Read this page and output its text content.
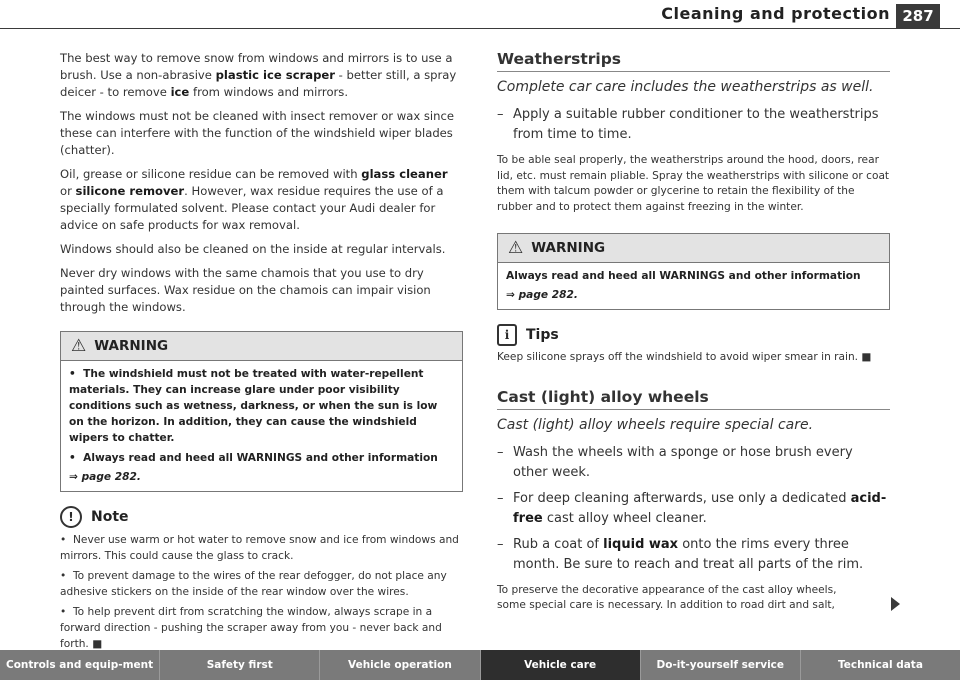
Cleaning and protection 287

The best way to remove snow from windows and mirrors is to use a brush. Use a non-abrasive plastic ice scraper - better still, a spray deicer - to remove ice from windows and mirrors.

The windows must not be cleaned with insect remover or wax since these can interfere with the function of the windshield wiper blades (chatter).

Oil, grease or silicone residue can be removed with glass cleaner or silicone remover. However, wax residue requires the use of a specially formulated solvent. Please contact your Audi dealer for advice on safe products for wax removal.

Windows should also be cleaned on the inside at regular intervals.

Never dry windows with the same chamois that you use to dry painted surfaces. Wax residue on the chamois can impair vision through the windows.

⚠ WARNING

• The windshield must not be treated with water-repellent materials. They can increase glare under poor visibility conditions such as wetness, darkness, or when the sun is low on the horizon. In addition, they can cause the windshield wipers to chatter.

• Always read and heed all WARNINGS and other information

⇒ page 282.
!	Note

• Never use warm or hot water to remove snow and ice from windows and mirrors. This could cause the glass to crack.

• To prevent damage to the wires of the rear defogger, do not place any adhesive stickers on the inside of the rear window over the wires.

• To help prevent dirt from scratching the window, always scrape in a forward direction - pushing the scraper away from you - never back and forth. ■

Weatherstrips

Complete car care includes the weatherstrips as well.

– Apply a suitable rubber conditioner to the weatherstrips from time to time.

To be able seal properly, the weatherstrips around the hood, doors, rear lid, etc. must remain pliable. Spray the weatherstrips with silicone or coat them with talcum powder or glycerine to retain the flexibility of the rubber and to protect them against freezing in the winter.

⚠ WARNING

Always read and heed all WARNINGS and other information

⇒ page 282.
i	Tips

Keep silicone sprays off the windshield to avoid wiper smear in rain. ■

Cast (light) alloy wheels

Cast (light) alloy wheels require special care.

– Wash the wheels with a sponge or hose brush every other week.
– For deep cleaning afterwards, use only a dedicated acid-free cast alloy wheel cleaner.
– Rub a coat of liquid wax onto the rims every three month. Be sure to reach and treat all parts of the rim.

To preserve the decorative appearance of the cast alloy wheels, some special care is necessary. In addition to road dirt and salt,

Controls and equip-ment	Safety first	Vehicle operation	Vehicle care	Do-it-yourself service	Technical data
